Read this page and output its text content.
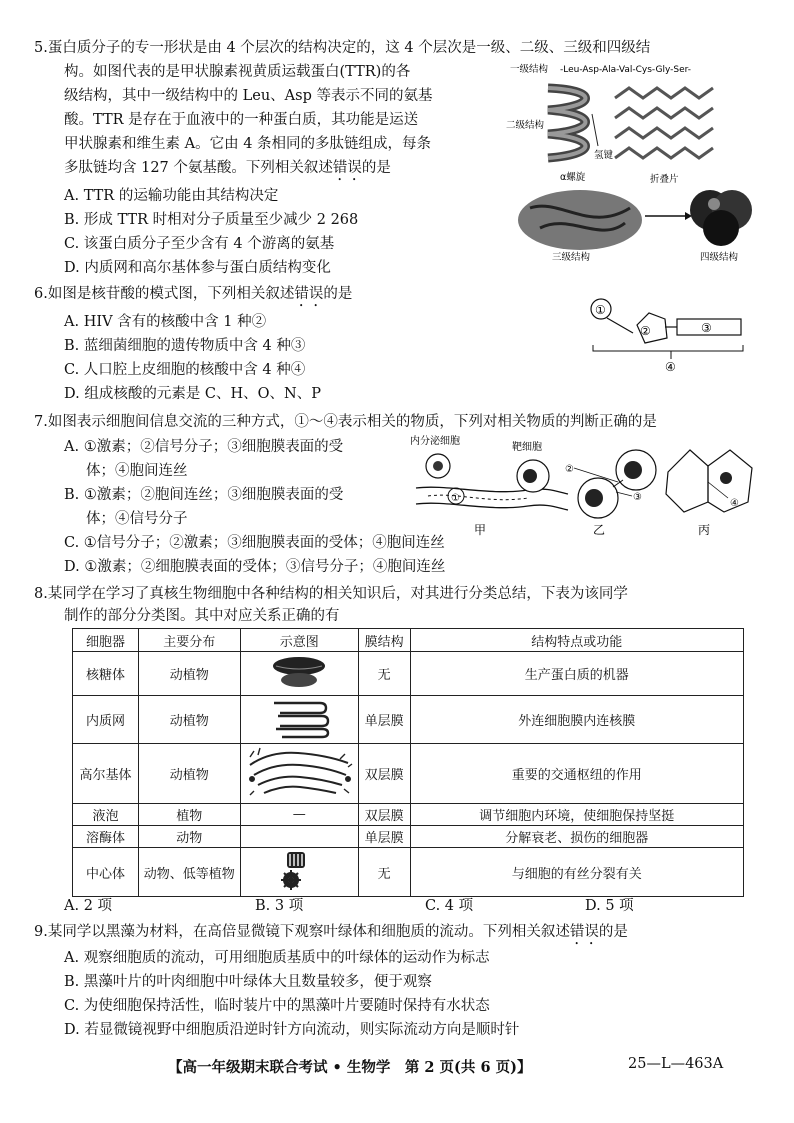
5.蛋白质分子的专一形状是由 4 个层次的结构决定的，这 4 个层次是一级、二级、三级和四级结
构。如图代表的是甲状腺素视黄质运载蛋白(TTR)的各
级结构，其中一级结构中的 Leu、Asp 等表示不同的氨基
酸。TTR 是存在于血液中的一种蛋白质，其功能是运送
甲状腺素和维生素 A。它由 4 条相同的多肽链组成，每条
多肽链均含 127 个氨基酸。下列相关叙述错误的是
A. TTR 的运输功能由其结构决定
B. 形成 TTR 时相对分子质量至少减少 2 268
C. 该蛋白质分子至少含有 4 个游离的氨基
D. 内质网和高尔基体参与蛋白质结构变化
一级结构 -Leu-Asp-Ala-Val-Cys-Gly-Ser-
二级结构
氢键
α螺旋	折叠片
三级结构	四级结构
6.如图是核苷酸的模式图，下列相关叙述错误的是
A. HIV 含有的核酸中含 1 种②
B. 蓝细菌细胞的遗传物质中含 4 种③
C. 人口腔上皮细胞的核酸中含 4 种④
D. 组成核酸的元素是 C、H、O、N、P
①
②	③
④
7.如图表示细胞间信息交流的三种方式，①～④表示相关的物质，下列对相关物质的判断正确的是
A. ①激素；②信号分子；③细胞膜表面的受
体；④胞间连丝
B. ①激素；②胞间连丝；③细胞膜表面的受
体；④信号分子
C. ①信号分子；②激素；③细胞膜表面的受体；④胞间连丝
D. ①激素；②细胞膜表面的受体；③信号分子；④胞间连丝
内分泌细胞
靶细胞
①
甲
②
③
乙
④
丙
8.某同学在学习了真核生物细胞中各种结构的相关知识后，对其进行分类总结，下表为该同学
制作的部分分类图。其中对应关系正确的有
细胞器	主要分布	示意图	膜结构	结构特点或功能
核糖体	动植物		无	生产蛋白质的机器
内质网	动植物		单层膜	外连细胞膜内连核膜
高尔基体	动植物		双层膜	重要的交通枢纽的作用
液泡	植物	—	双层膜	调节细胞内环境，使细胞保持坚挺
溶酶体	动物		单层膜	分解衰老、损伤的细胞器
中心体	动物、低等植物		无	与细胞的有丝分裂有关
A. 2 项	B. 3 项	C. 4 项	D. 5 项
9.某同学以黑藻为材料，在高倍显微镜下观察叶绿体和细胞质的流动。下列相关叙述错误的是
A. 观察细胞质的流动，可用细胞质基质中的叶绿体的运动作为标志
B. 黑藻叶片的叶肉细胞中叶绿体大且数量较多，便于观察
C. 为使细胞保持活性，临时装片中的黑藻叶片要随时保持有水状态
D. 若显微镜视野中细胞质沿逆时针方向流动，则实际流动方向是顺时针
【高一年级期末联合考试 • 生物学　第 2 页(共 6 页)】	25—L—463A
